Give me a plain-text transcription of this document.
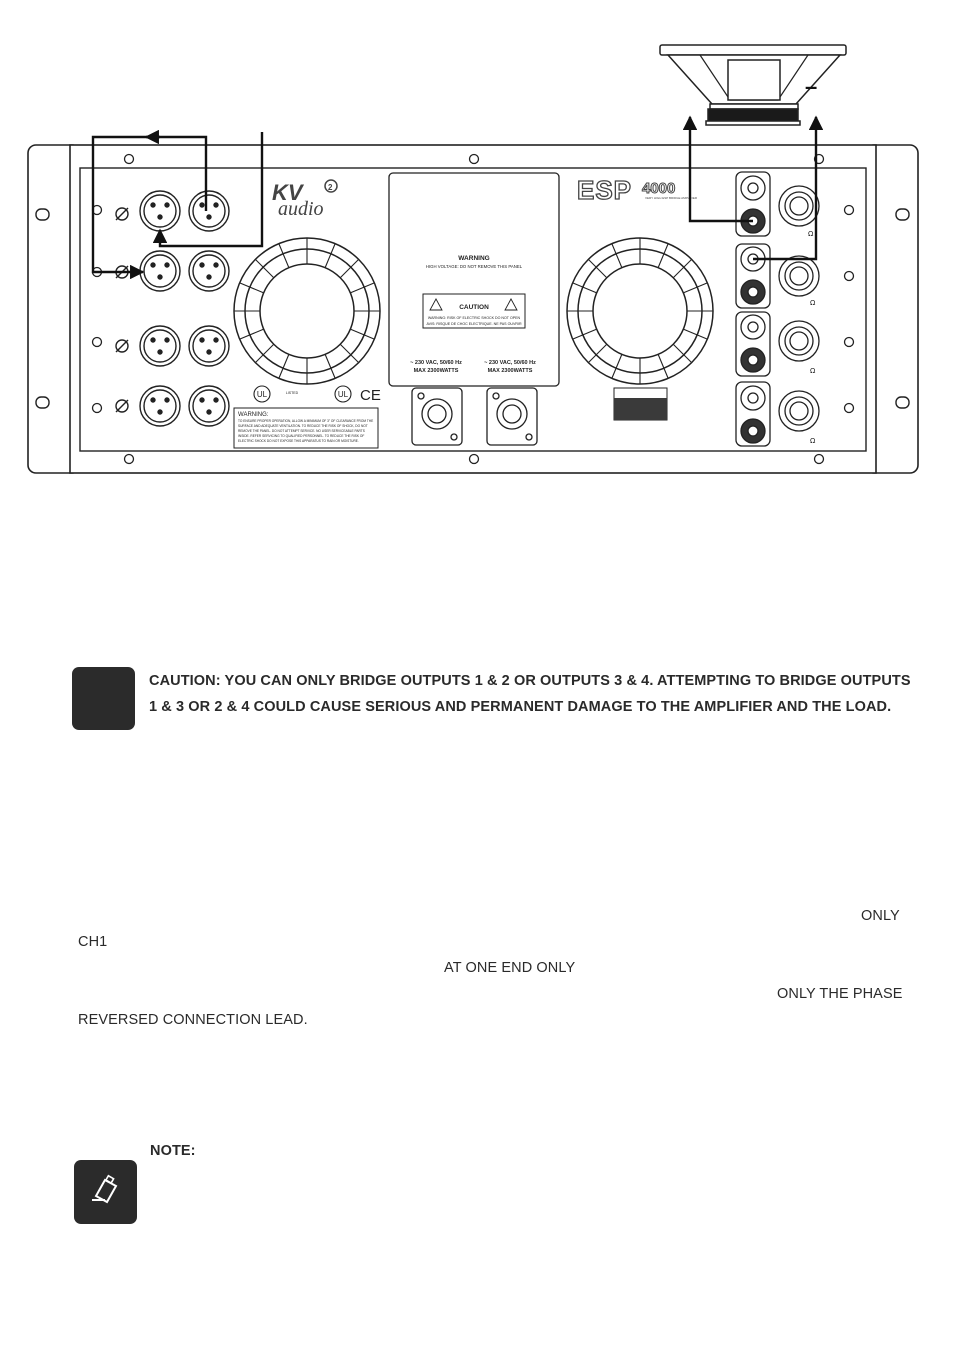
KV	2
audio
WARNING
HIGH VOLTAGE: DO NOT REMOVE THIS PANEL
CAUTION
WARNING: RISK OF ELECTRIC SHOCK DO NOT OPEN
AVIS: RISQUE DE CHOC ELECTRIQUE. NE PAS OUVRIR
~ 230 VAC, 50/60 Hz
MAX 2300WATTS
~ 230 VAC, 50/60 Hz
MAX 2300WATTS
ESP 4000
VERY HIGH ESP BRIDGE AMPLIFIER
UL	UL
LISTED	CE
WARNING:
TO ENSURE PROPER OPERATION, ALLOW A MINIMUM OF 3" OF CLEARANCE FROM THE
SURFACE AND ADEQUATE VENTILATION. TO REDUCE THE RISK OF SHOCK, DO NOT
REMOVE THE PANEL. DO NOT ATTEMPT SERVICE. NO USER SERVICEABLE PARTS
INSIDE. REFER SERVICING TO QUALIFIED PERSONNEL. TO REDUCE THE RISK OF
ELECTRIC SHOCK DO NOT EXPOSE THIS APPARATUS TO RAIN OR MOISTURE.
Ω
Ω
Ω
Ω
–
CAUTION: YOU CAN ONLY BRIDGE OUTPUTS 1 & 2 OR OUTPUTS 3 & 4. ATTEMPTING TO BRIDGE OUTPUTS
1 & 3 OR 2 & 4 COULD CAUSE SERIOUS AND PERMANENT DAMAGE TO THE AMPLIFIER AND THE LOAD.
ONLY
CH1
AT ONE END ONLY
ONLY THE PHASE
REVERSED CONNECTION LEAD.
NOTE:
